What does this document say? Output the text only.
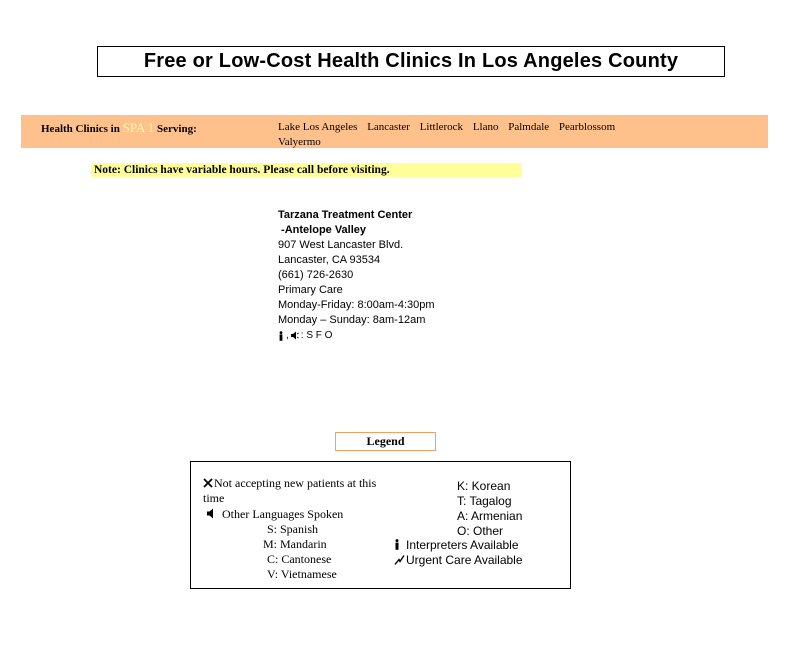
Free or Low-Cost Health Clinics In Los Angeles County
Health Clinics in SPA 1 Serving:	Lake Los Angeles Lancaster Littlerock Llano Palmdale Pearblossom Valyermo
Note: Clinics have variable hours. Please call before visiting.
Tarzana Treatment Center
-Antelope Valley
907 West Lancaster Blvd.
Lancaster, CA 93534
(661) 726-2630
Primary Care
Monday-Friday: 8:00am-4:30pm
Monday – Sunday: 8am-12am
, : S F O
Legend
Not accepting new patients at this
time
Other Languages Spoken
S: Spanish
M: Mandarin
C: Cantonese
V: Vietnamese
K: Korean
T: Tagalog
A: Armenian
O: Other
Interpreters Available
Urgent Care Available
